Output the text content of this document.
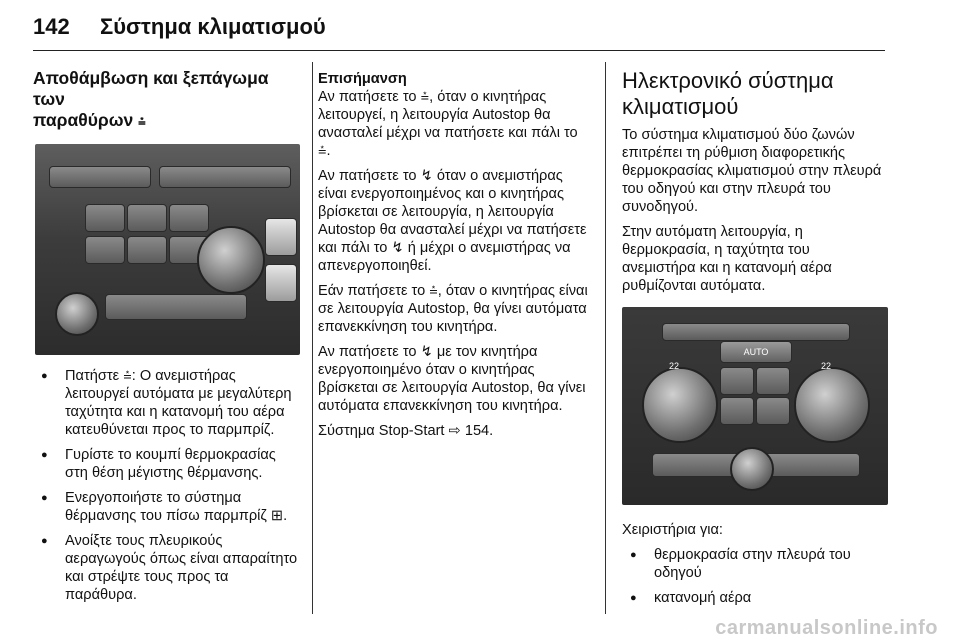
142 Σύστημα κλιματισμού
Αποθάμβωση και ξεπάγωμα των
παραθύρων ⩮
● Πατήστε ⩮: Ο ανεμιστήρας λειτουργεί αυτόματα με μεγαλύτερη ταχύτητα και η κατανομή του αέρα κατευθύνεται προς το παρμπρίζ.
● Γυρίστε το κουμπί θερμοκρασίας στη θέση μέγιστης θέρμανσης.
● Ενεργοποιήστε το σύστημα θέρμανσης του πίσω παρμπρίζ ⊞.
● Ανοίξτε τους πλευρικούς αεραγωγούς όπως είναι απαραίτητο και στρέψτε τους προς τα παράθυρα.
Επισήμανση

Αν πατήσετε το ⩮, όταν ο κινητήρας λειτουργεί, η λειτουργία Autostop θα ανασταλεί μέχρι να πατήσετε και πάλι το ⩮.

Αν πατήσετε το ↯ όταν ο ανεμιστήρας είναι ενεργοποιημένος και ο κινητήρας βρίσκεται σε λειτουργία, η λειτουργία Autostop θα ανασταλεί μέχρι να πατήσετε και πάλι το ↯ ή μέχρι ο ανεμιστήρας να απενεργοποιηθεί.

Εάν πατήσετε το ⩮, όταν ο κινητήρας είναι σε λειτουργία Autostop, θα γίνει αυτόματα επανεκκίνηση του κινητήρα.

Αν πατήσετε το ↯ με τον κινητήρα ενεργοποιημένο όταν ο κινητήρας βρίσκεται σε λειτουργία Autostop, θα γίνει αυτόματα επανεκκίνηση του κινητήρα.

Σύστημα Stop-Start ⇨ 154.

Ηλεκτρονικό σύστημα κλιματισμού

Το σύστημα κλιματισμού δύο ζωνών επιτρέπει τη ρύθμιση διαφορετικής θερμοκρασίας κλιματισμού στην πλευρά του οδηγού και στην πλευρά του συνοδηγού.

Στην αυτόματη λειτουργία, η θερμοκρασία, η ταχύτητα του ανεμιστήρα και η κατανομή αέρα ρυθμίζονται αυτόματα.

AUTO
22	22

Χειριστήρια για:

● θερμοκρασία στην πλευρά του οδηγού
● κατανομή αέρα
carmanualsonline.info
